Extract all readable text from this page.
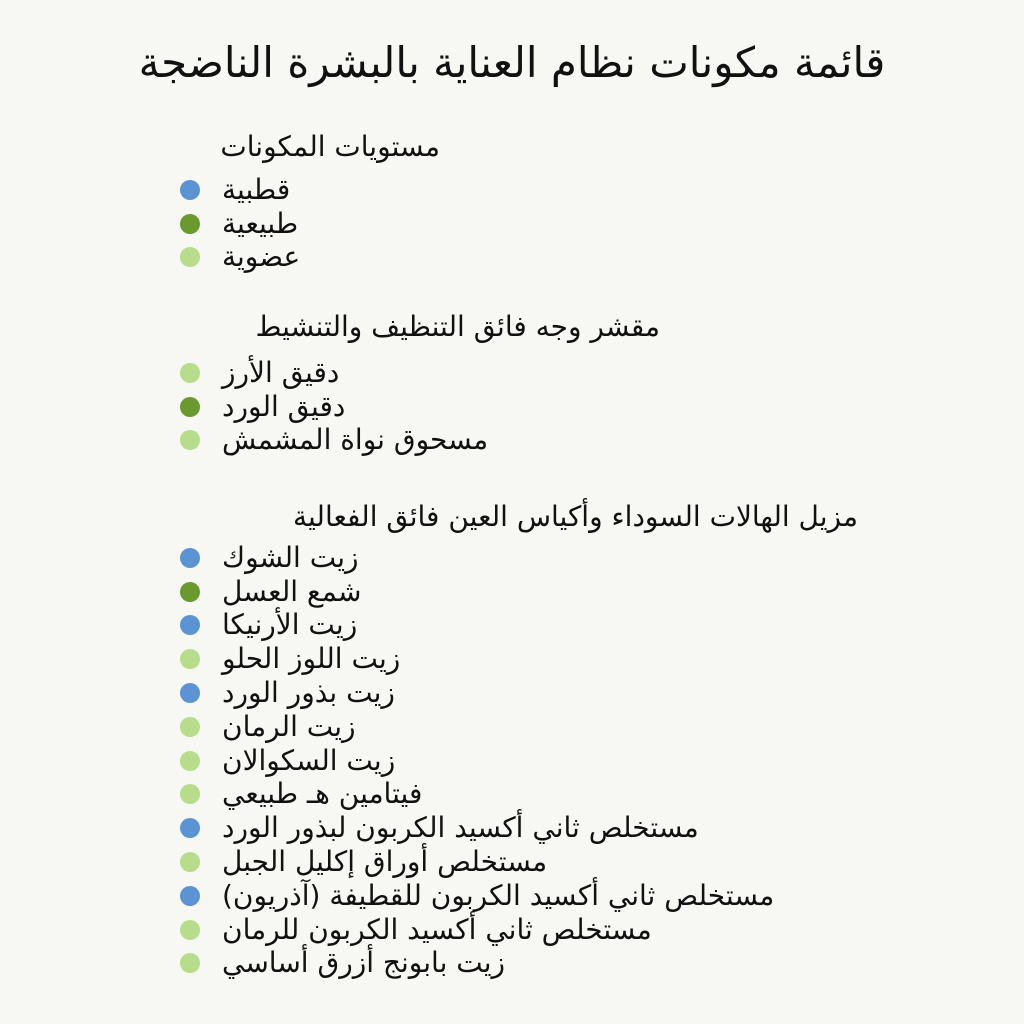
قائمة مكونات نظام العناية بالبشرة الناضجة
مستويات المكونات
قطبية
طبيعية
عضوية
مقشر وجه فائق التنظيف والتنشيط
دقيق الأرز
دقيق الورد
مسحوق نواة المشمش
مزيل الهالات السوداء وأكياس العين فائق الفعالية
زيت الشوك
شمع العسل
زيت الأرنيكا
زيت اللوز الحلو
زيت بذور الورد
زيت الرمان
زيت السكوالان
فيتامين هـ طبيعي
مستخلص ثاني أكسيد الكربون لبذور الورد
مستخلص أوراق إكليل الجبل
مستخلص ثاني أكسيد الكربون للقطيفة (آذريون)
مستخلص ثاني أكسيد الكربون للرمان
زيت بابونج أزرق أساسي
